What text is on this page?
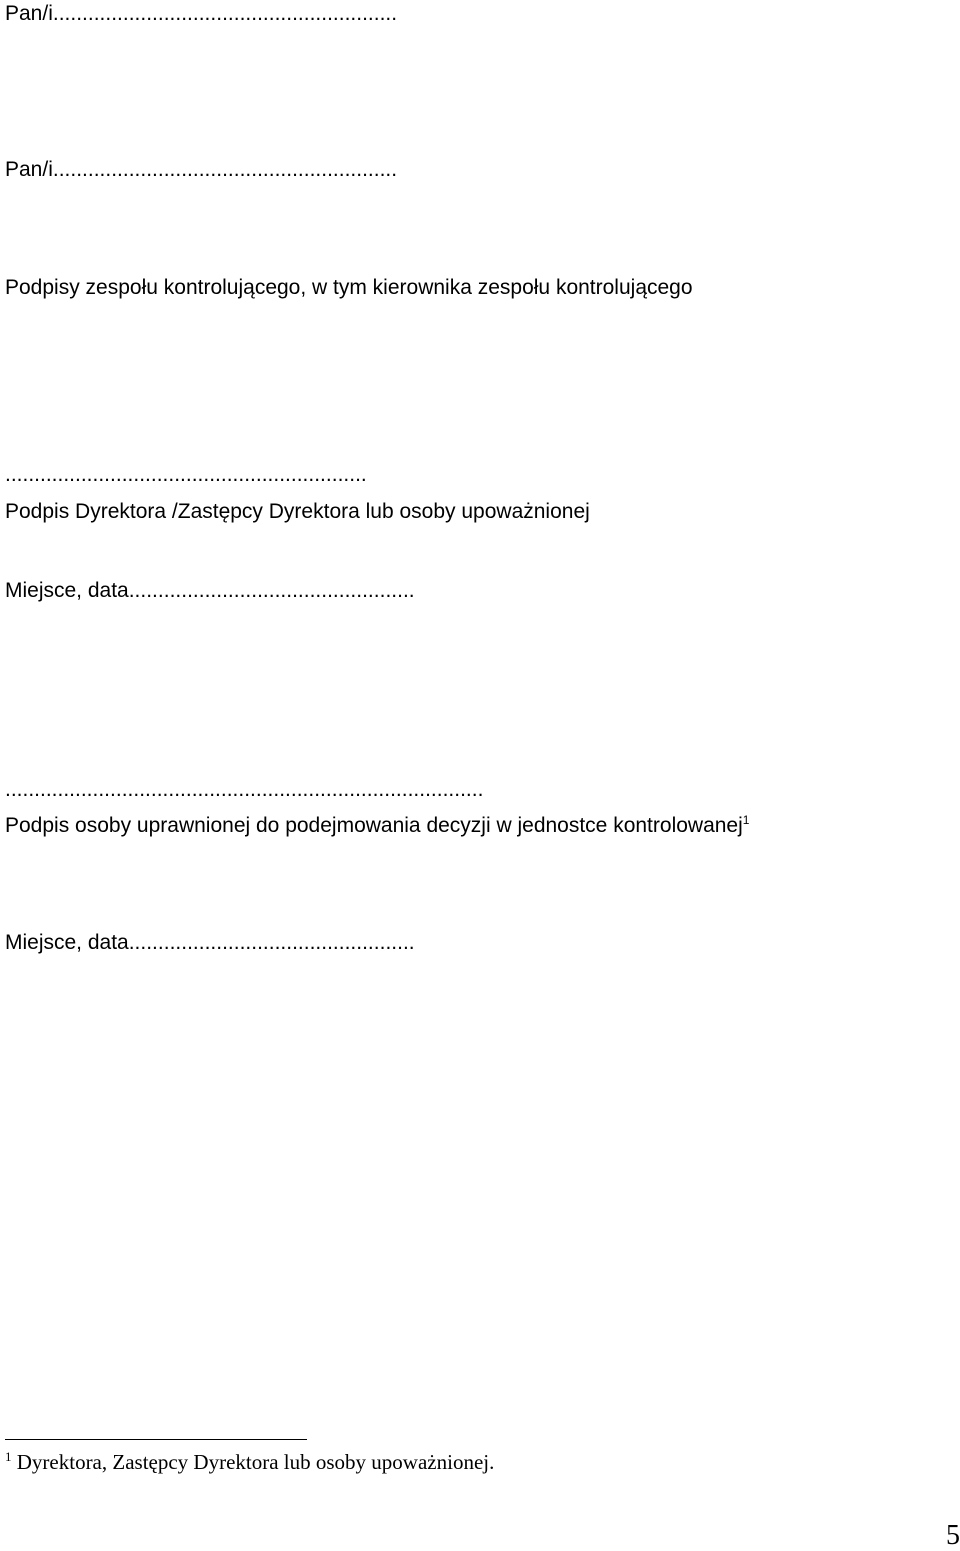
Pan/i...........................................................
Pan/i...........................................................
Podpisy zespołu kontrolującego, w tym kierownika zespołu kontrolującego
..............................................................
Podpis Dyrektora /Zastępcy Dyrektora lub osoby upoważnionej
Miejsce, data.................................................
..................................................................................
Podpis osoby uprawnionej do podejmowania decyzji w jednostce kontrolowanej$^1$
Miejsce, data.................................................
$^1$ Dyrektora, Zastępcy Dyrektora lub osoby upoważnionej.
5
